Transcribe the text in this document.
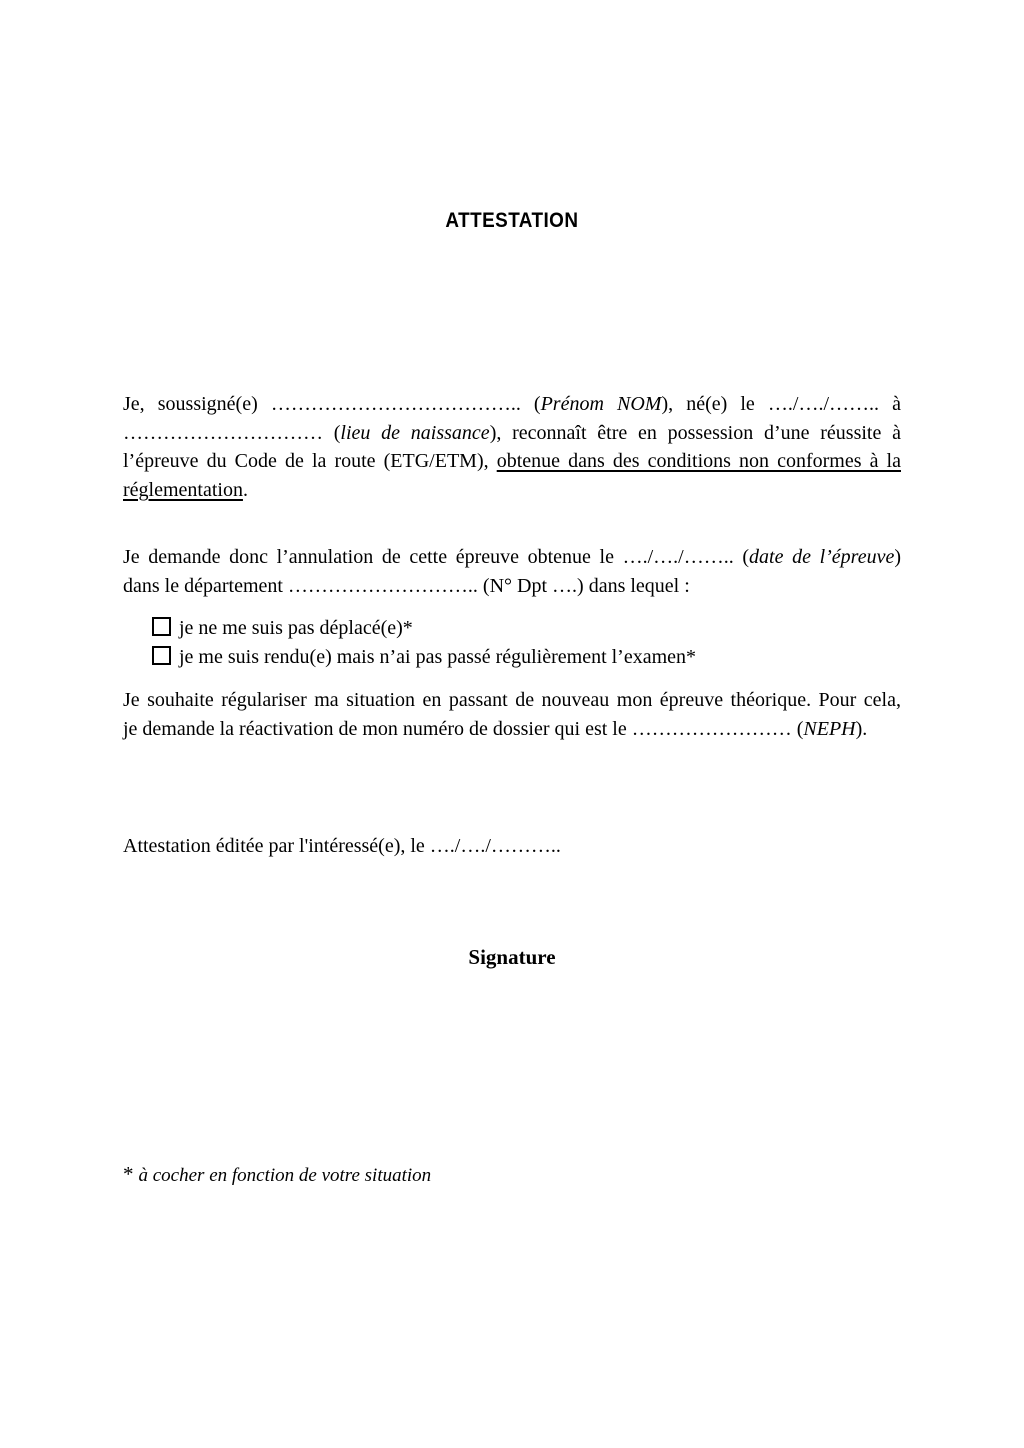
ATTESTATION
Je, soussigné(e) ……………………………….. (Prénom NOM), né(e) le …./…./…….. à
………………………… (lieu de naissance), reconnaît être en possession d’une réussite à
l’épreuve du Code de la route (ETG/ETM), obtenue dans des conditions non conformes à la
réglementation.
Je demande donc l’annulation de cette épreuve obtenue le …./…./…….. (date de l’épreuve)
dans le département ……………………….. (N° Dpt ….) dans lequel :
je ne me suis pas déplacé(e)*
je me suis rendu(e) mais n’ai pas passé régulièrement l’examen*
Je souhaite régulariser ma situation en passant de nouveau mon épreuve théorique. Pour cela,
je demande la réactivation de mon numéro de dossier qui est le …………………… (NEPH).
Attestation éditée par l'intéressé(e), le …./…./………..
Signature
* à cocher en fonction de votre situation
